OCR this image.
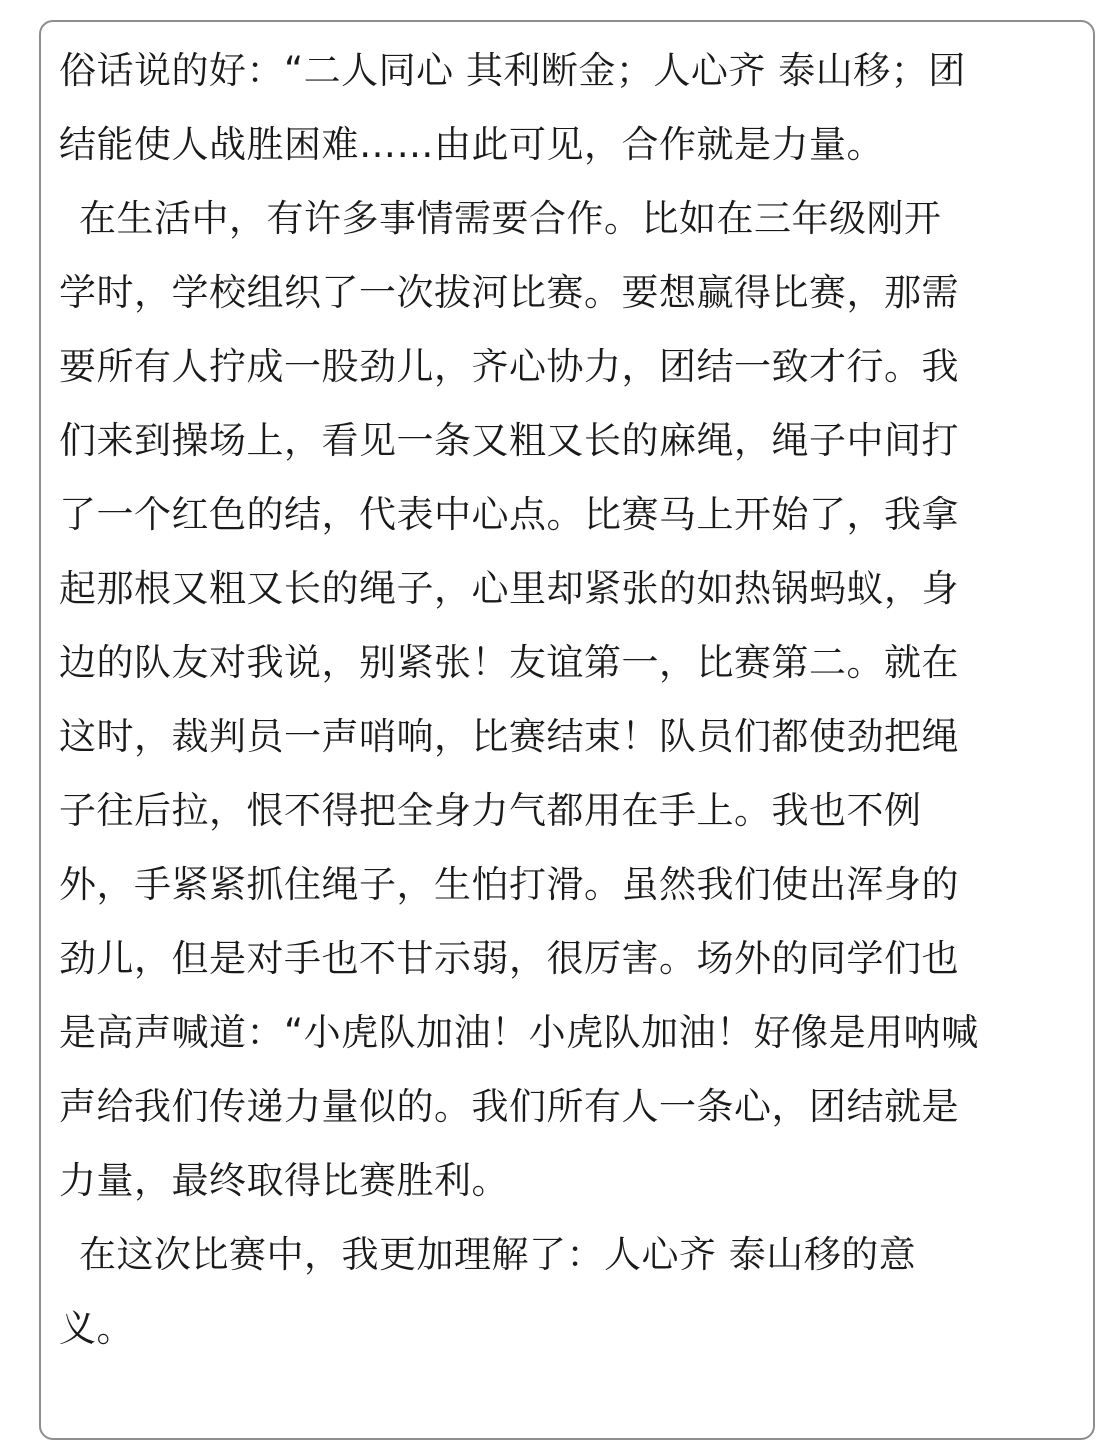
俗话说的好：“二人同心 其利断金；人心齐 泰山移；团
结能使人战胜困难……由此可见，合作就是力量。
在生活中，有许多事情需要合作。比如在三年级刚开
学时，学校组织了一次拔河比赛。要想赢得比赛，那需
要所有人拧成一股劲儿，齐心协力，团结一致才行。我
们来到操场上，看见一条又粗又长的麻绳，绳子中间打
了一个红色的结，代表中心点。比赛马上开始了，我拿
起那根又粗又长的绳子，心里却紧张的如热锅蚂蚁，身
边的队友对我说，别紧张！友谊第一，比赛第二。就在
这时，裁判员一声哨响，比赛结束！队员们都使劲把绳
子往后拉，恨不得把全身力气都用在手上。我也不例
外，手紧紧抓住绳子，生怕打滑。虽然我们使出浑身的
劲儿，但是对手也不甘示弱，很厉害。场外的同学们也
是高声喊道：“小虎队加油！小虎队加油！好像是用呐喊
声给我们传递力量似的。我们所有人一条心，团结就是
力量，最终取得比赛胜利。
在这次比赛中，我更加理解了：人心齐 泰山移的意
义。
